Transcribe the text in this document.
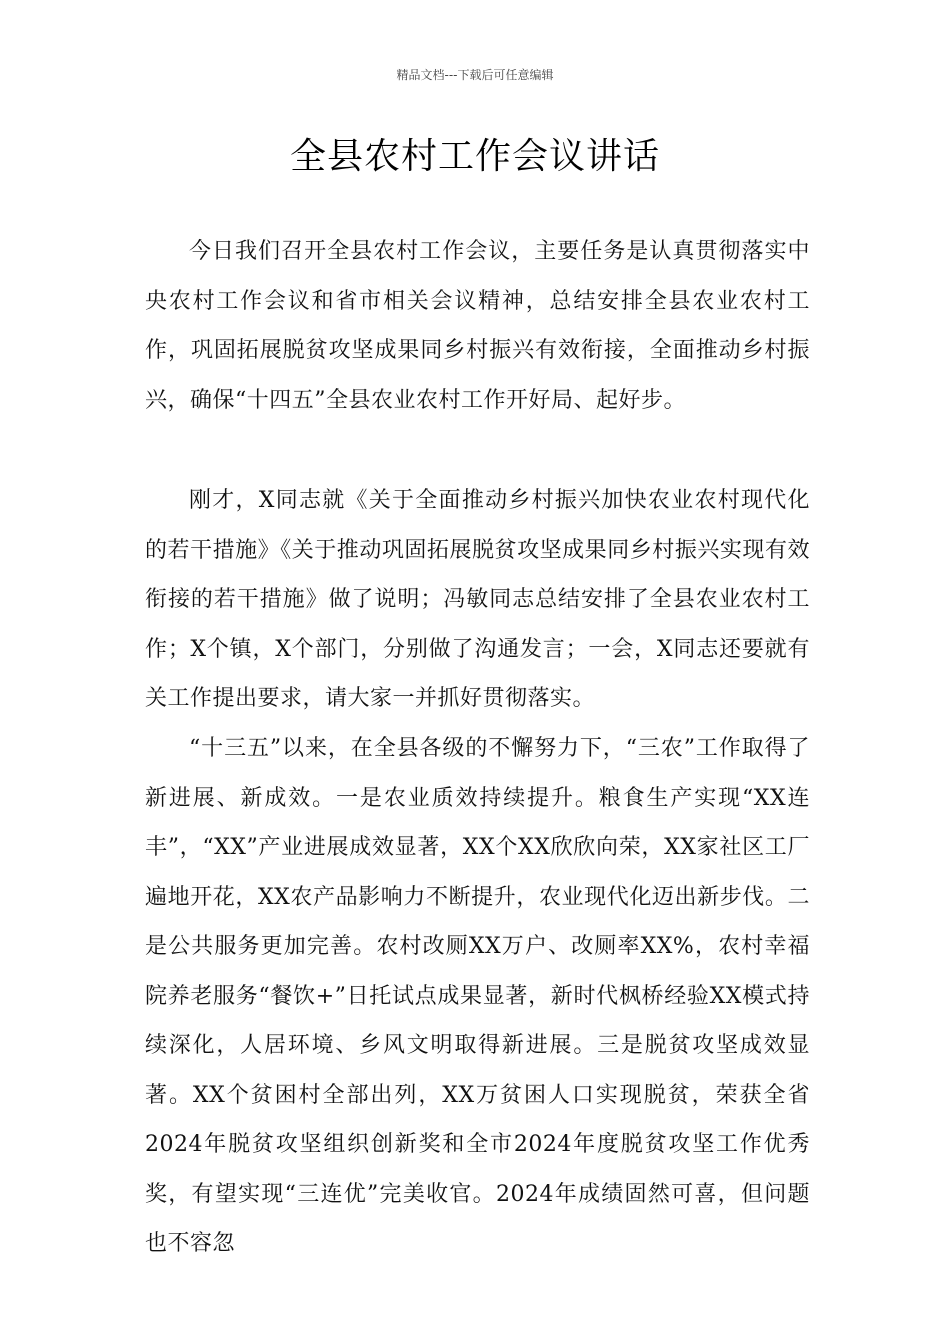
精品文档---下载后可任意编辑
全县农村工作会议讲话

今日我们召开全县农村工作会议，主要任务是认真贯彻落实中央农村工作会议和省市相关会议精神，总结安排全县农业农村工作，巩固拓展脱贫攻坚成果同乡村振兴有效衔接，全面推动乡村振兴，确保“十四五”全县农业农村工作开好局、起好步。

刚才，X同志就《关于全面推动乡村振兴加快农业农村现代化的若干措施》《关于推动巩固拓展脱贫攻坚成果同乡村振兴实现有效衔接的若干措施》做了说明；冯敏同志总结安排了全县农业农村工作；X个镇，X个部门，分别做了沟通发言；一会，X同志还要就有关工作提出要求，请大家一并抓好贯彻落实。

“十三五”以来，在全县各级的不懈努力下，“三农”工作取得了新进展、新成效。一是农业质效持续提升。粮食生产实现“XX连丰”，“XX”产业进展成效显著，XX个XX欣欣向荣，XX家社区工厂遍地开花，XX农产品影响力不断提升，农业现代化迈出新步伐。二是公共服务更加完善。农村改厕XX万户、改厕率XX%，农村幸福院养老服务“餐饮+”日托试点成果显著，新时代枫桥经验XX模式持续深化，人居环境、乡风文明取得新进展。三是脱贫攻坚成效显著。XX个贫困村全部出列，XX万贫困人口实现脱贫，荣获全省2024年脱贫攻坚组织创新奖和全市2024年度脱贫攻坚工作优秀奖，有望实现“三连优”完美收官。2024年成绩固然可喜，但问题也不容忽
